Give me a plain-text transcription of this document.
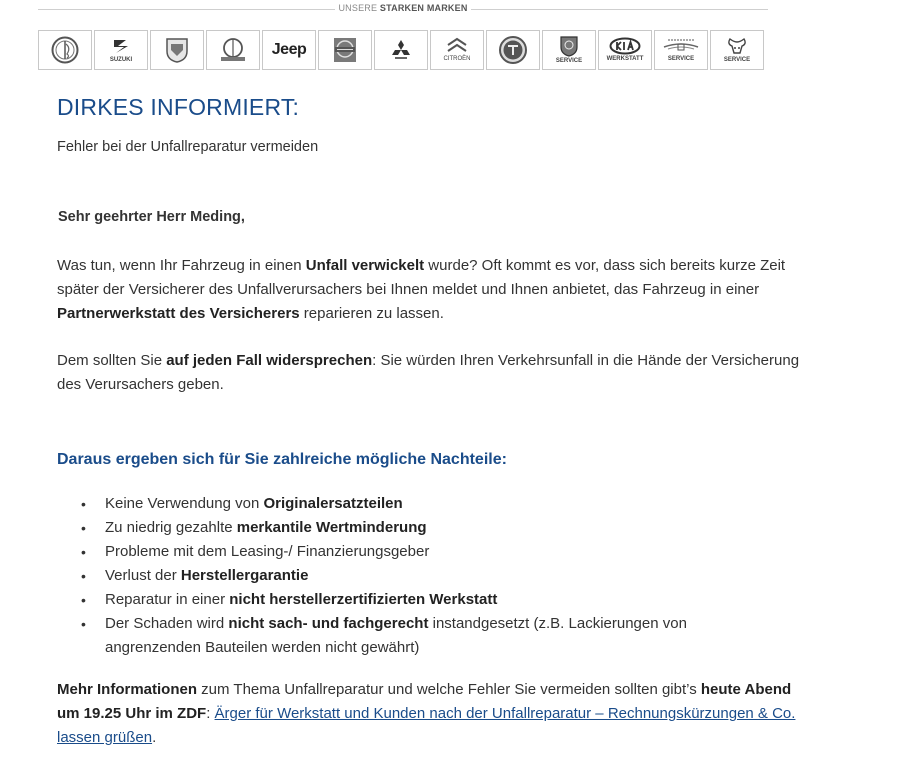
UNSERE STARKEN MARKEN
SUZUKI
Jeep
CITROËN	SERVICE	WERKSTATT	SERVICE	SERVICE
DIRKES INFORMIERT:
Fehler bei der Unfallreparatur vermeiden
Sehr geehrter Herr Meding,

Was tun, wenn Ihr Fahrzeug in einen Unfall verwickelt wurde? Oft kommt es vor, dass sich bereits kurze Zeit später der Versicherer des Unfallverursachers bei Ihnen meldet und Ihnen anbietet, das Fahrzeug in einer Partnerwerkstatt des Versicherers reparieren zu lassen.

Dem sollten Sie auf jeden Fall widersprechen: Sie würden Ihren Verkehrsunfall in die Hände der Versicherung des Verursachers geben.

Daraus ergeben sich für Sie zahlreiche mögliche Nachteile:
• Keine Verwendung von Originalersatzteilen
• Zu niedrig gezahlte merkantile Wertminderung
• Probleme mit dem Leasing-/ Finanzierungsgeber
• Verlust der Herstellergarantie
• Reparatur in einer nicht herstellerzertifizierten Werkstatt
• Der Schaden wird nicht sach- und fachgerecht instandgesetzt (z.B. Lackierungen von angrenzenden Bauteilen werden nicht gewährt)

Mehr Informationen zum Thema Unfallreparatur und welche Fehler Sie vermeiden sollten gibt’s heute Abend um 19.25 Uhr im ZDF: Ärger für Werkstatt und Kunden nach der Unfallreparatur – Rechnungskürzungen & Co. lassen grüßen.
